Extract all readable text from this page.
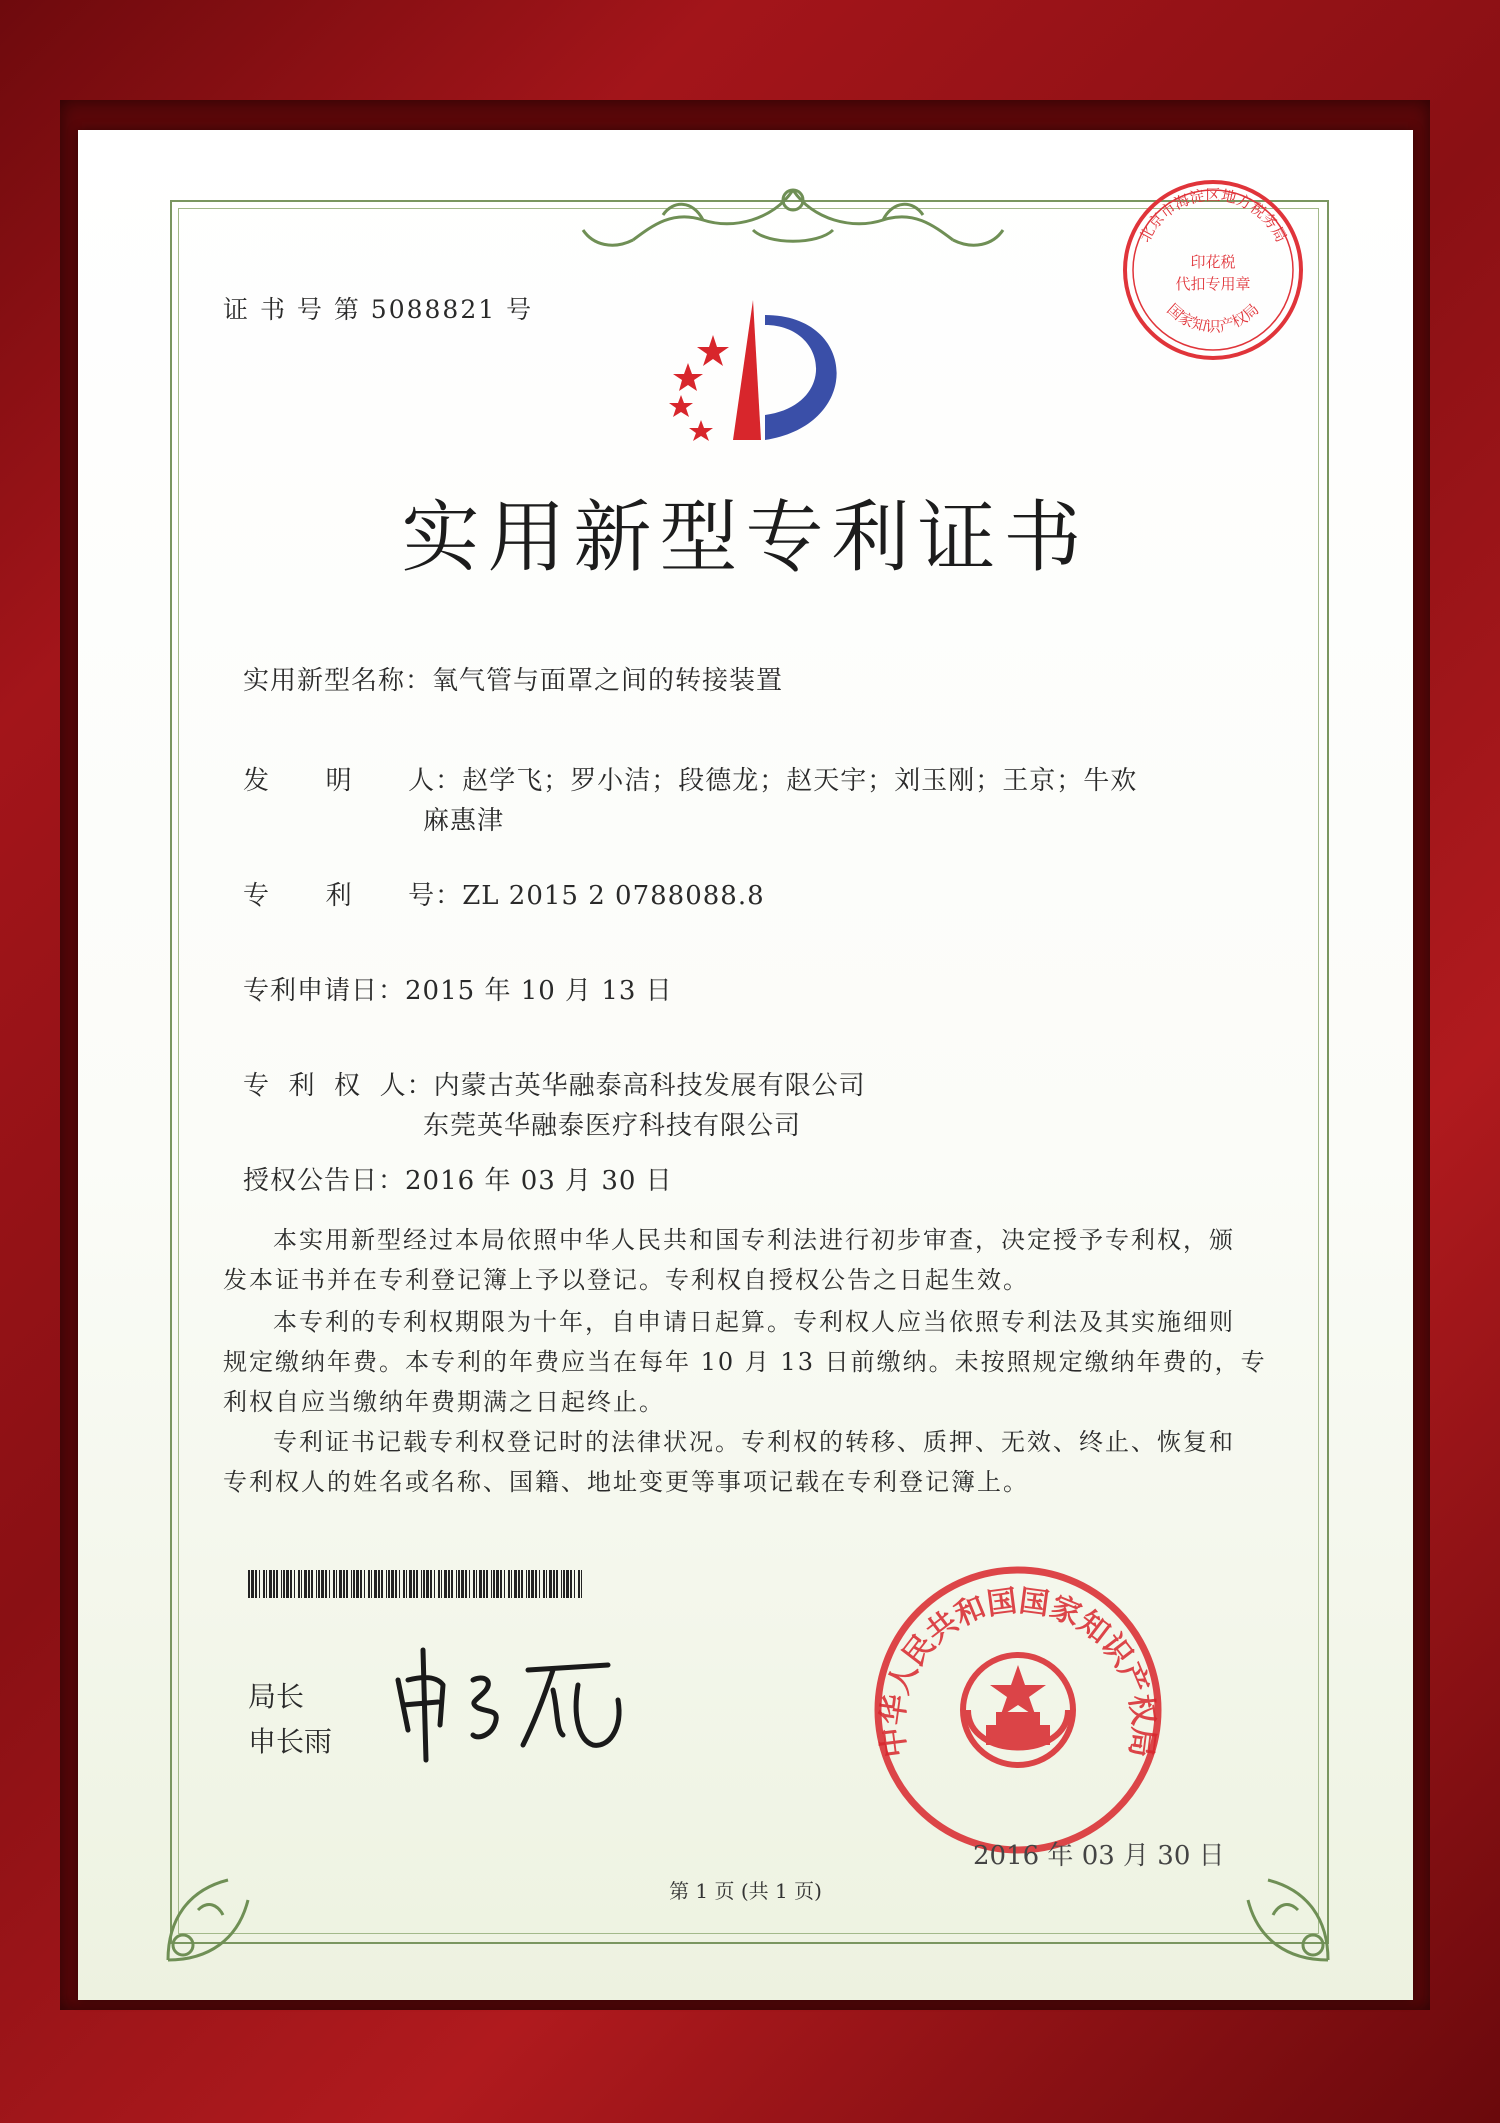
证 书 号 第 5088821 号
北京市海淀区地方税务局
印花税
代扣专用章
国家知识产权局
实用新型专利证书
实用新型名称：氧气管与面罩之间的转接装置
发      明      人：赵学飞；罗小洁；段德龙；赵天宇；刘玉刚；王京；牛欢
麻惠津
专      利      号：ZL 2015 2 0788088.8
专利申请日：2015 年 10 月 13 日
专  利  权  人：内蒙古英华融泰高科技发展有限公司
东莞英华融泰医疗科技有限公司
授权公告日：2016 年 03 月 30 日
本实用新型经过本局依照中华人民共和国专利法进行初步审查，决定授予专利权，颁
发本证书并在专利登记簿上予以登记。专利权自授权公告之日起生效。
本专利的专利权期限为十年，自申请日起算。专利权人应当依照专利法及其实施细则
规定缴纳年费。本专利的年费应当在每年 10 月 13 日前缴纳。未按照规定缴纳年费的，专
利权自应当缴纳年费期满之日起终止。
专利证书记载专利权登记时的法律状况。专利权的转移、质押、无效、终止、恢复和
专利权人的姓名或名称、国籍、地址变更等事项记载在专利登记簿上。
局长
申长雨	中华人民共和国国家知识产权局
2016 年 03 月 30 日
第 1 页 (共 1 页)
